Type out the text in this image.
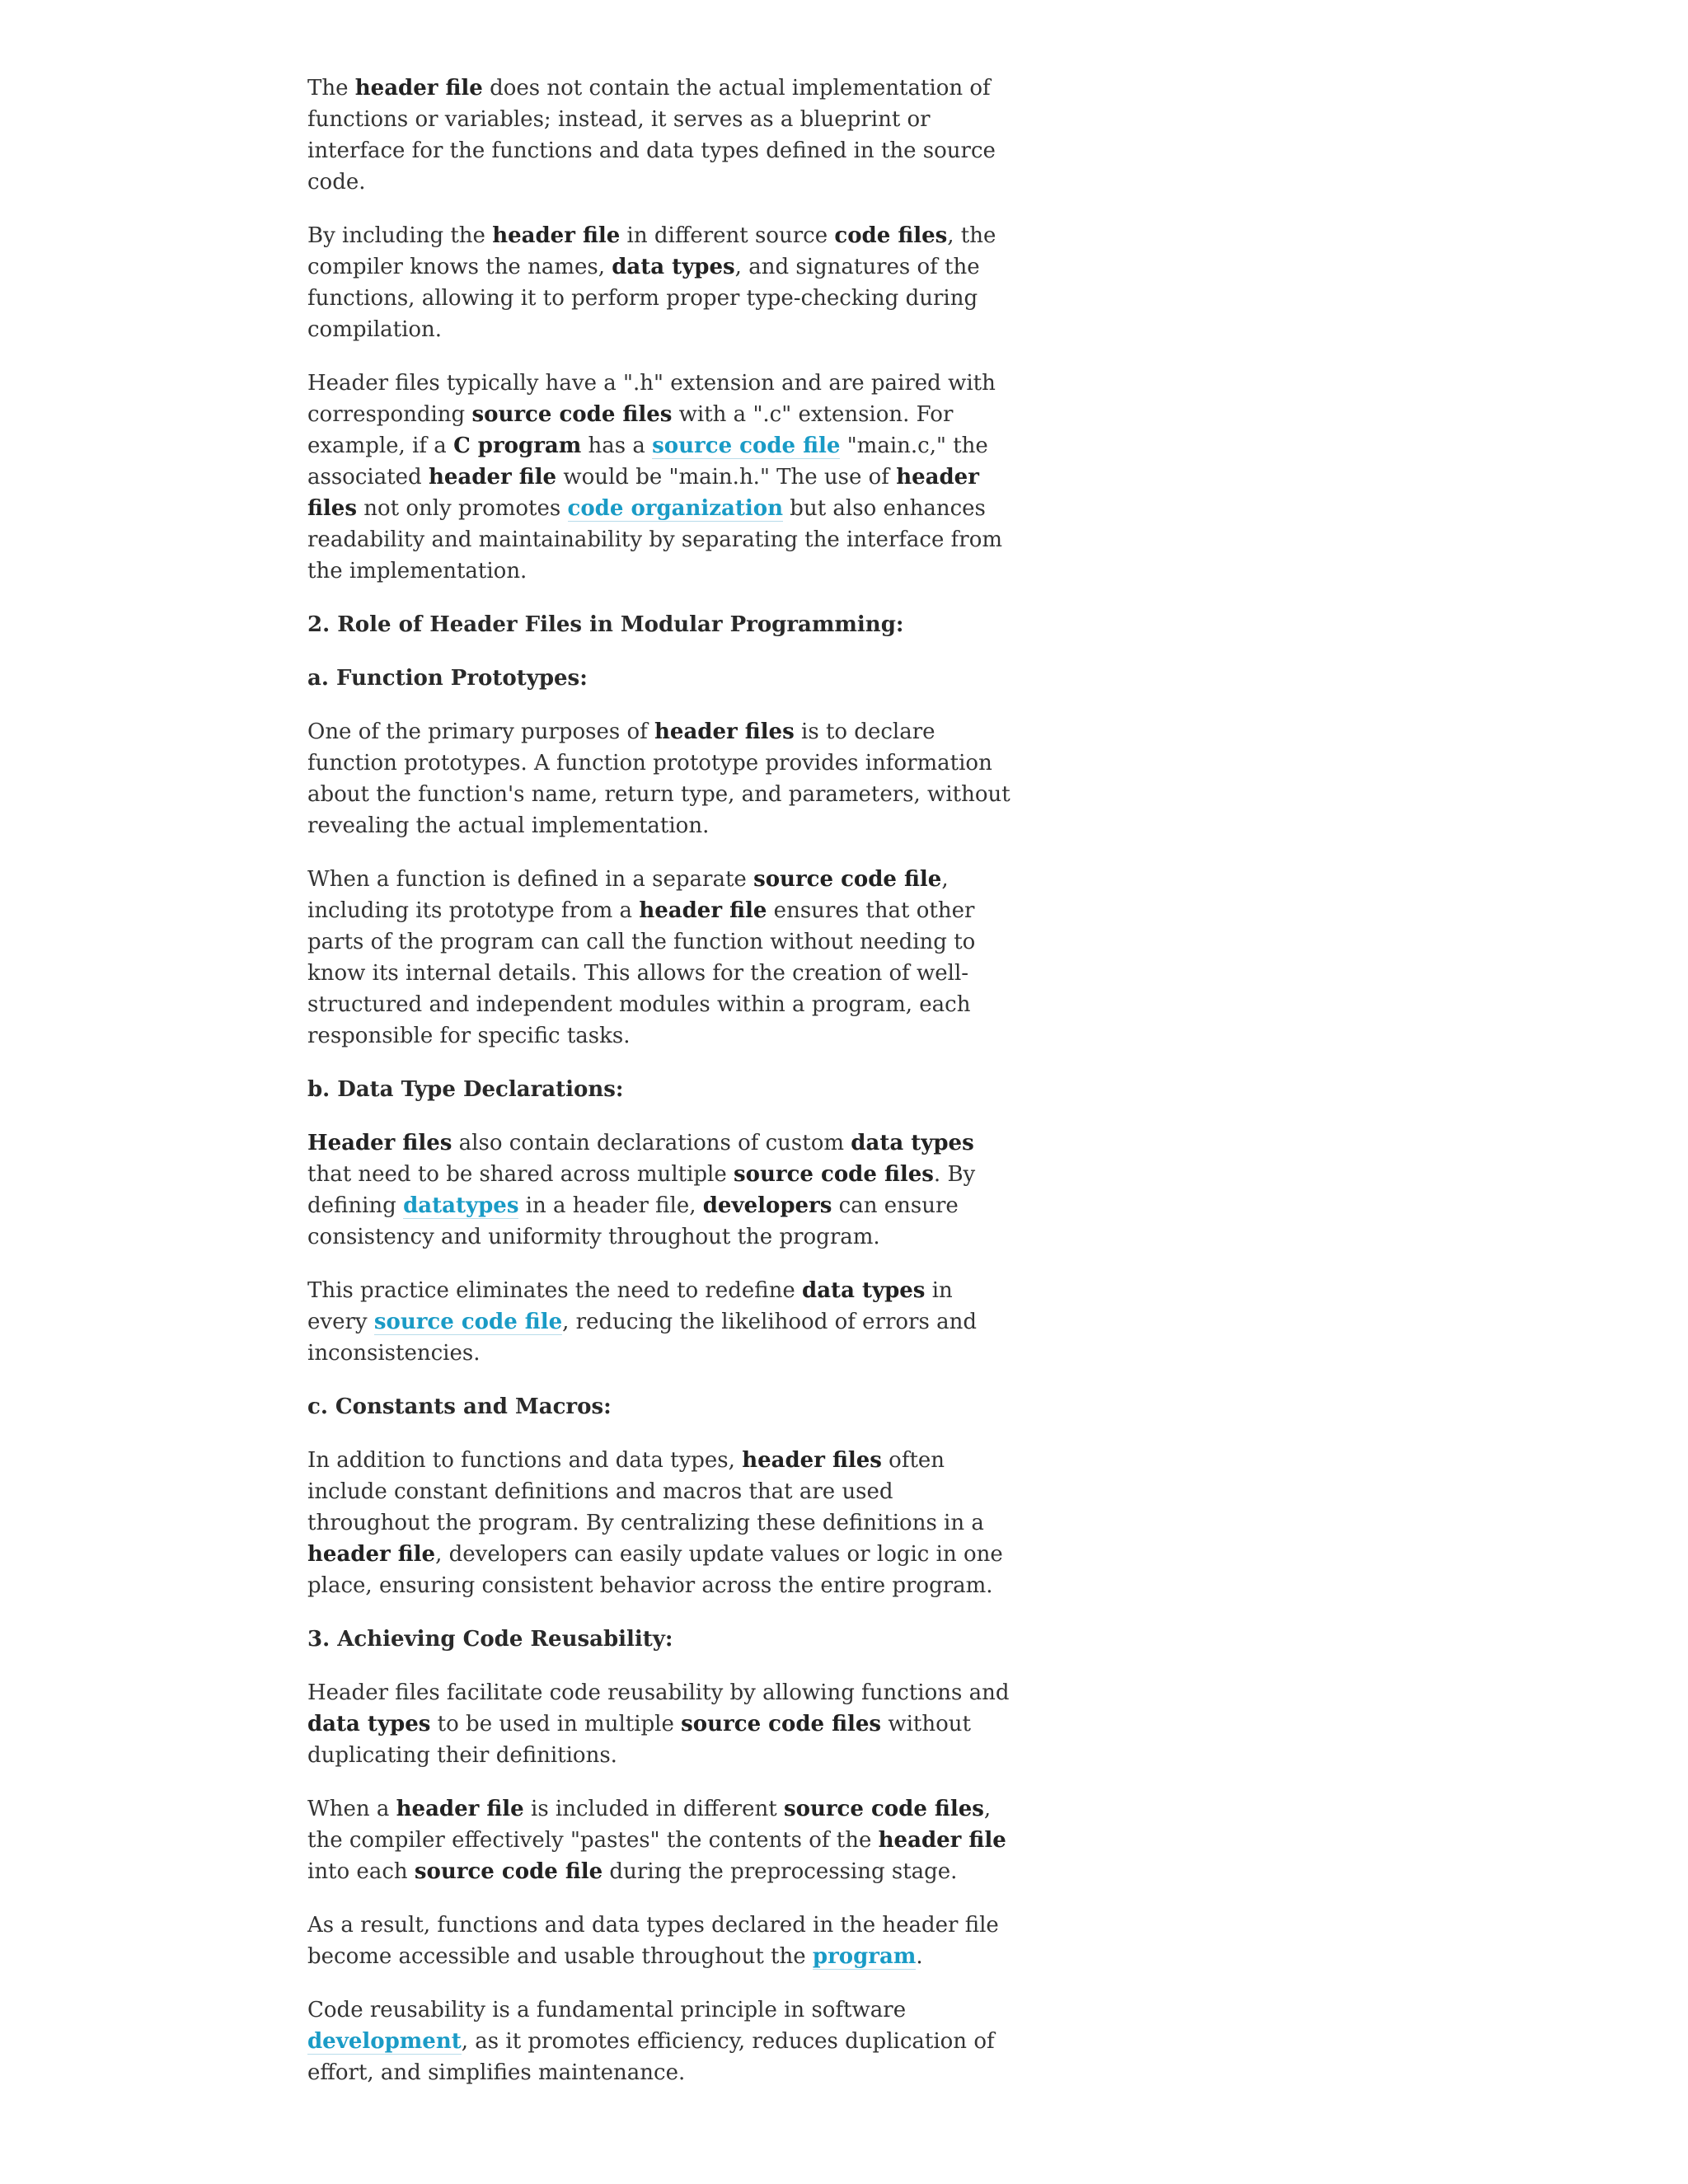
The header file does not contain the actual implementation of functions or variables; instead, it serves as a blueprint or interface for the functions and data types defined in the source code.

By including the header file in different source code files, the compiler knows the names, data types, and signatures of the functions, allowing it to perform proper type-checking during compilation.

Header files typically have a ".h" extension and are paired with corresponding source code files with a ".c" extension. For example, if a C program has a source code file "main.c," the associated header file would be "main.h." The use of header files not only promotes code organization but also enhances readability and maintainability by separating the interface from the implementation.

2. Role of Header Files in Modular Programming:

a. Function Prototypes:

One of the primary purposes of header files is to declare function prototypes. A function prototype provides information about the function's name, return type, and parameters, without revealing the actual implementation.

When a function is defined in a separate source code file, including its prototype from a header file ensures that other parts of the program can call the function without needing to know its internal details. This allows for the creation of well-structured and independent modules within a program, each responsible for specific tasks.

b. Data Type Declarations:

Header files also contain declarations of custom data types that need to be shared across multiple source code files. By defining datatypes in a header file, developers can ensure consistency and uniformity throughout the program.

This practice eliminates the need to redefine data types in every source code file, reducing the likelihood of errors and inconsistencies.

c. Constants and Macros:

In addition to functions and data types, header files often include constant definitions and macros that are used throughout the program. By centralizing these definitions in a header file, developers can easily update values or logic in one place, ensuring consistent behavior across the entire program.

3. Achieving Code Reusability:

Header files facilitate code reusability by allowing functions and data types to be used in multiple source code files without duplicating their definitions.

When a header file is included in different source code files, the compiler effectively "pastes" the contents of the header file into each source code file during the preprocessing stage.

As a result, functions and data types declared in the header file become accessible and usable throughout the program.

Code reusability is a fundamental principle in software development, as it promotes efficiency, reduces duplication of effort, and simplifies maintenance.
